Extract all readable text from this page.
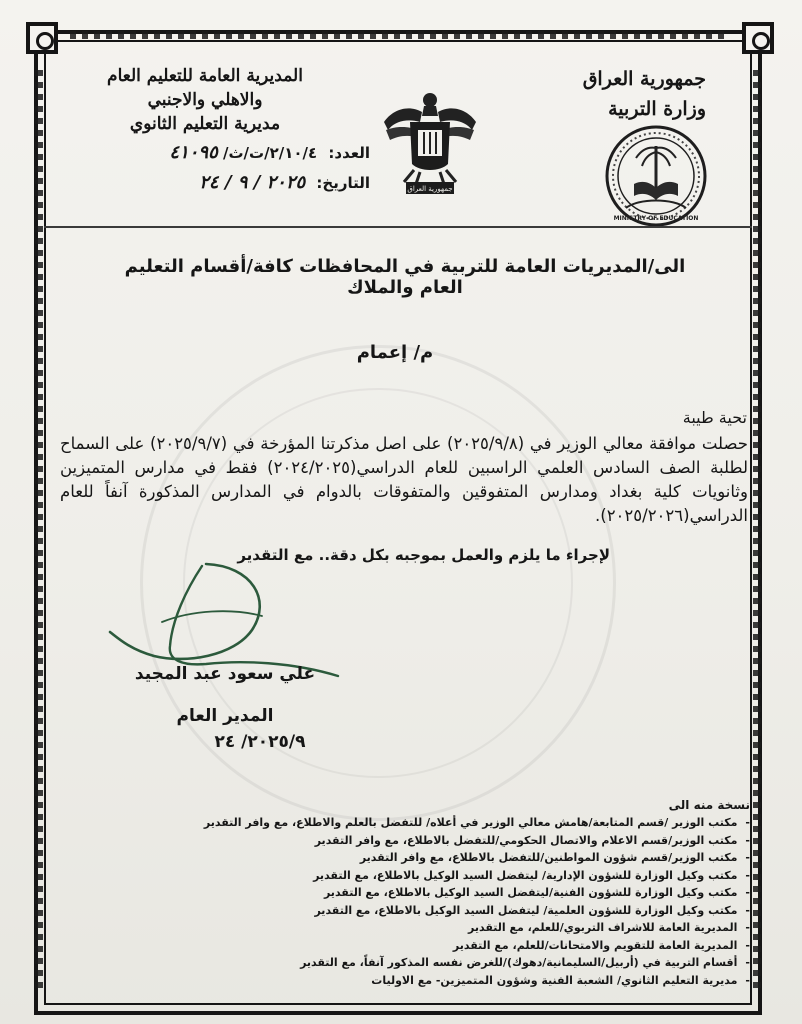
جمهورية العراق
وزارة التربية
المديرية العامة للتعليم العام
والاهلي والاجنبي
مديرية التعليم الثانوي
العدد: ٢/١٠/٤/ت/ث/ ٤١٠٩٥
التاريخ: ٢٠٢٥ / ٩ / ٢٤	جمهورية العراق
MINISTRY OF EDUCATION
الى/المديريات العامة للتربية في المحافظات كافة/أقسام التعليم العام والملاك
م/ إعمام
تحية طيبة
حصلت موافقة معالي الوزير في (٢٠٢٥/٩/٨) على اصل مذكرتنا المؤرخة في (٢٠٢٥/٩/٧) على السماح لطلبة الصف السادس العلمي الراسبين للعام الدراسي(٢٠٢٤/٢٠٢٥) فقط في مدارس المتميزين وثانويات كلية بغداد ومدارس المتفوقين والمتفوقات بالدوام في المدارس المذكورة آنفاً للعام الدراسي(٢٠٢٥/٢٠٢٦).
لإجراء ما يلزم والعمل بموجبه بكل دقة.. مع التقدير
علي سعود عبد المجيد
المدير العام
٢٠٢٥/٩/ ٢٤
نسخة منه الى
-مكتب الوزير /قسم المتابعة/هامش معالي الوزير في أعلاه/ للتفضل بالعلم والاطلاع، مع وافر التقدير
-مكتب الوزير/قسم الاعلام والاتصال الحكومي/للتفضل بالاطلاع، مع وافر التقدير
-مكتب الوزير/قسم شؤون المواطنين/للتفضل بالاطلاع، مع وافر التقدير
-مكتب وكيل الوزارة للشؤون الإدارية/ ليتفضل السيد الوكيل بالاطلاع، مع التقدير
-مكتب وكيل الوزارة للشؤون الفنية/ليتفضل السيد الوكيل بالاطلاع، مع التقدير
-مكتب وكيل الوزارة للشؤون العلمية/ ليتفضل السيد الوكيل بالاطلاع، مع التقدير
-المديرية العامة للاشراف التربوي/للعلم، مع التقدير
-المديرية العامة للتقويم والامتحانات/للعلم، مع التقدير
-أقسام التربية في (أربيل/السليمانية/دهوك)/للغرض نفسه المذكور آنفاً، مع التقدير
-مديرية التعليم الثانوي/ الشعبة الفنية وشؤون المتميزين- مع الاوليات
